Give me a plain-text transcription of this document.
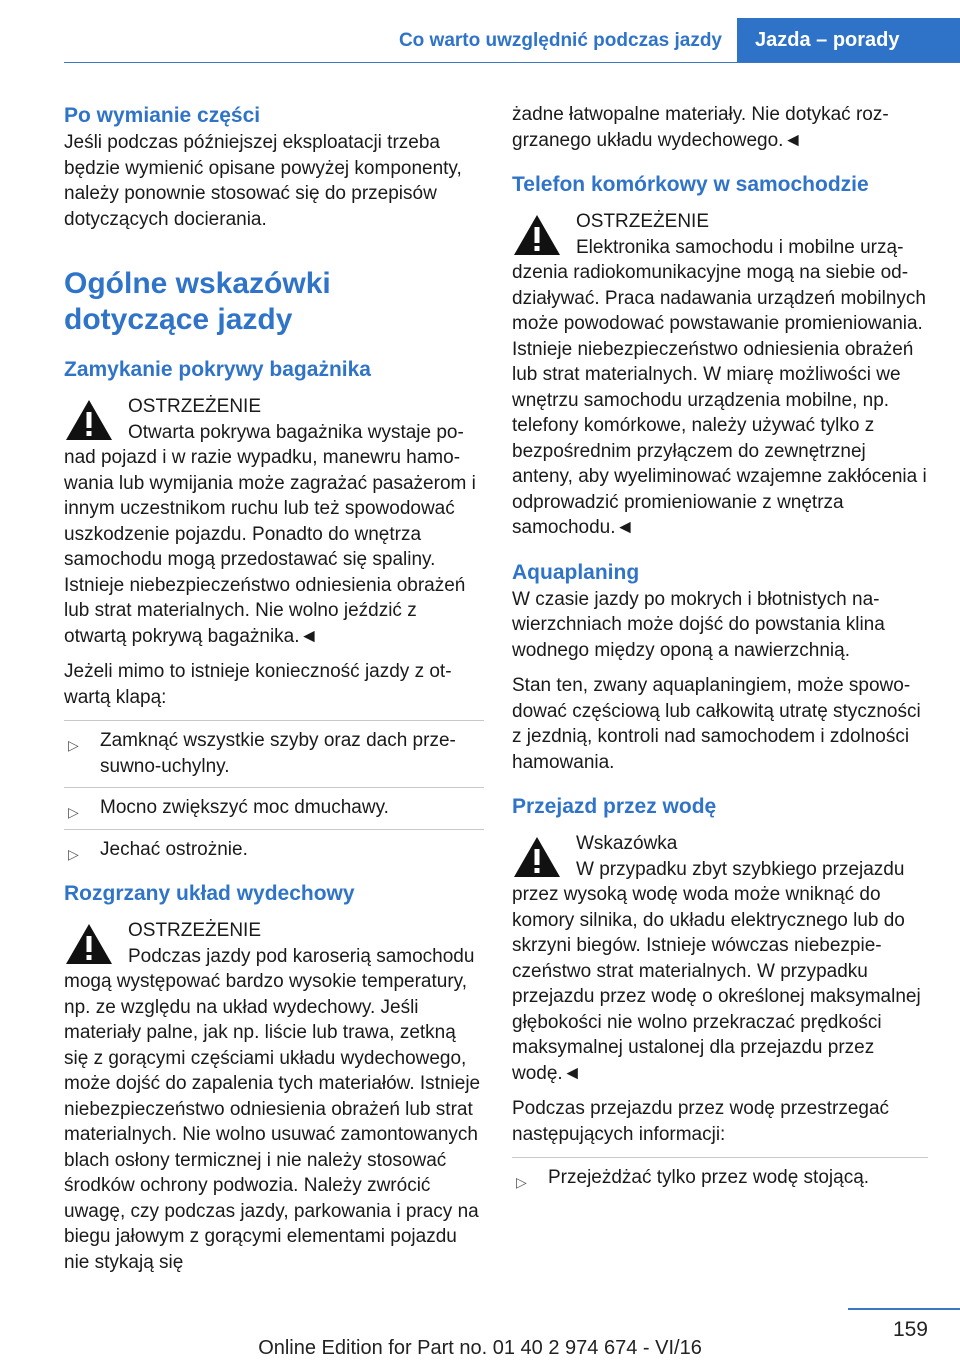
Co warto uwzględnić podczas jazdy Jazda – porady
Po wymianie części

Jeśli podczas późniejszej eksploatacji trzeba będzie wymienić opisane powyżej komponenty, należy ponownie stosować się do przepisów dotyczących docierania.

Ogólne wskazówki dotyczące jazdy
Zamykanie pokrywy bagażnika

OSTRZEŻENIE

Otwarta pokrywa bagażnika wystaje ponad pojazd i w razie wypadku, manewru hamowania lub wymijania może zagrażać pasażerom i innym uczestnikom ruchu lub też spowodować uszkodzenie pojazdu. Ponadto do wnętrza samochodu mogą przedostawać się spaliny. Istnieje niebezpieczeństwo odniesienia obrażeń lub strat materialnych. Nie wolno jeździć z otwartą pokrywą bagażnika.◄

Jeżeli mimo to istnieje konieczność jazdy z otwartą klapą:

▷ Zamknąć wszystkie szyby oraz dach przesuwno-uchylny.
▷ Mocno zwiększyć moc dmuchawy.
▷ Jechać ostrożnie.
Rozgrzany układ wydechowy

OSTRZEŻENIE

Podczas jazdy pod karoserią samochodu mogą występować bardzo wysokie temperatury, np. ze względu na układ wydechowy. Jeśli materiały palne, jak np. liście lub trawa, zetkną się z gorącymi częściami układu wydechowego, może dojść do zapalenia tych materiałów. Istnieje niebezpieczeństwo odniesienia obrażeń lub strat materialnych. Nie wolno usuwać zamontowanych blach osłony termicznej i nie należy stosować środków ochrony podwozia. Należy zwrócić uwagę, czy podczas jazdy, parkowania i pracy na biegu jałowym z gorącymi elementami pojazdu nie stykają się

żadne łatwopalne materiały. Nie dotykać rozgrzanego układu wydechowego.◄

Telefon komórkowy w samochodzie

OSTRZEŻENIE

Elektronika samochodu i mobilne urządzenia radiokomunikacyjne mogą na siebie oddziaływać. Praca nadawania urządzeń mobilnych może powodować powstawanie promieniowania. Istnieje niebezpieczeństwo odniesienia obrażeń lub strat materialnych. W miarę możliwości we wnętrzu samochodu urządzenia mobilne, np. telefony komórkowe, należy używać tylko z bezpośrednim przyłączem do zewnętrznej anteny, aby wyeliminować wzajemne zakłócenia i odprowadzić promieniowanie z wnętrza samochodu.◄

Aquaplaning

W czasie jazdy po mokrych i błotnistych nawierzchniach może dojść do powstania klina wodnego między oponą a nawierzchnią.

Stan ten, zwany aquaplaningiem, może spowodować częściową lub całkowitą utratę styczności z jezdnią, kontroli nad samochodem i zdolności hamowania.

Przejazd przez wodę

Wskazówka

W przypadku zbyt szybkiego przejazdu przez wysoką wodę woda może wniknąć do komory silnika, do układu elektrycznego lub do skrzyni biegów. Istnieje wówczas niebezpieczeństwo strat materialnych. W przypadku przejazdu przez wodę o określonej maksymalnej głębokości nie wolno przekraczać prędkości maksymalnej ustalonej dla przejazdu przez wodę.◄

Podczas przejazdu przez wodę przestrzegać następujących informacji:

▷ Przejeżdżać tylko przez wodę stojącą.
159
Online Edition for Part no. 01 40 2 974 674 - VI/16
